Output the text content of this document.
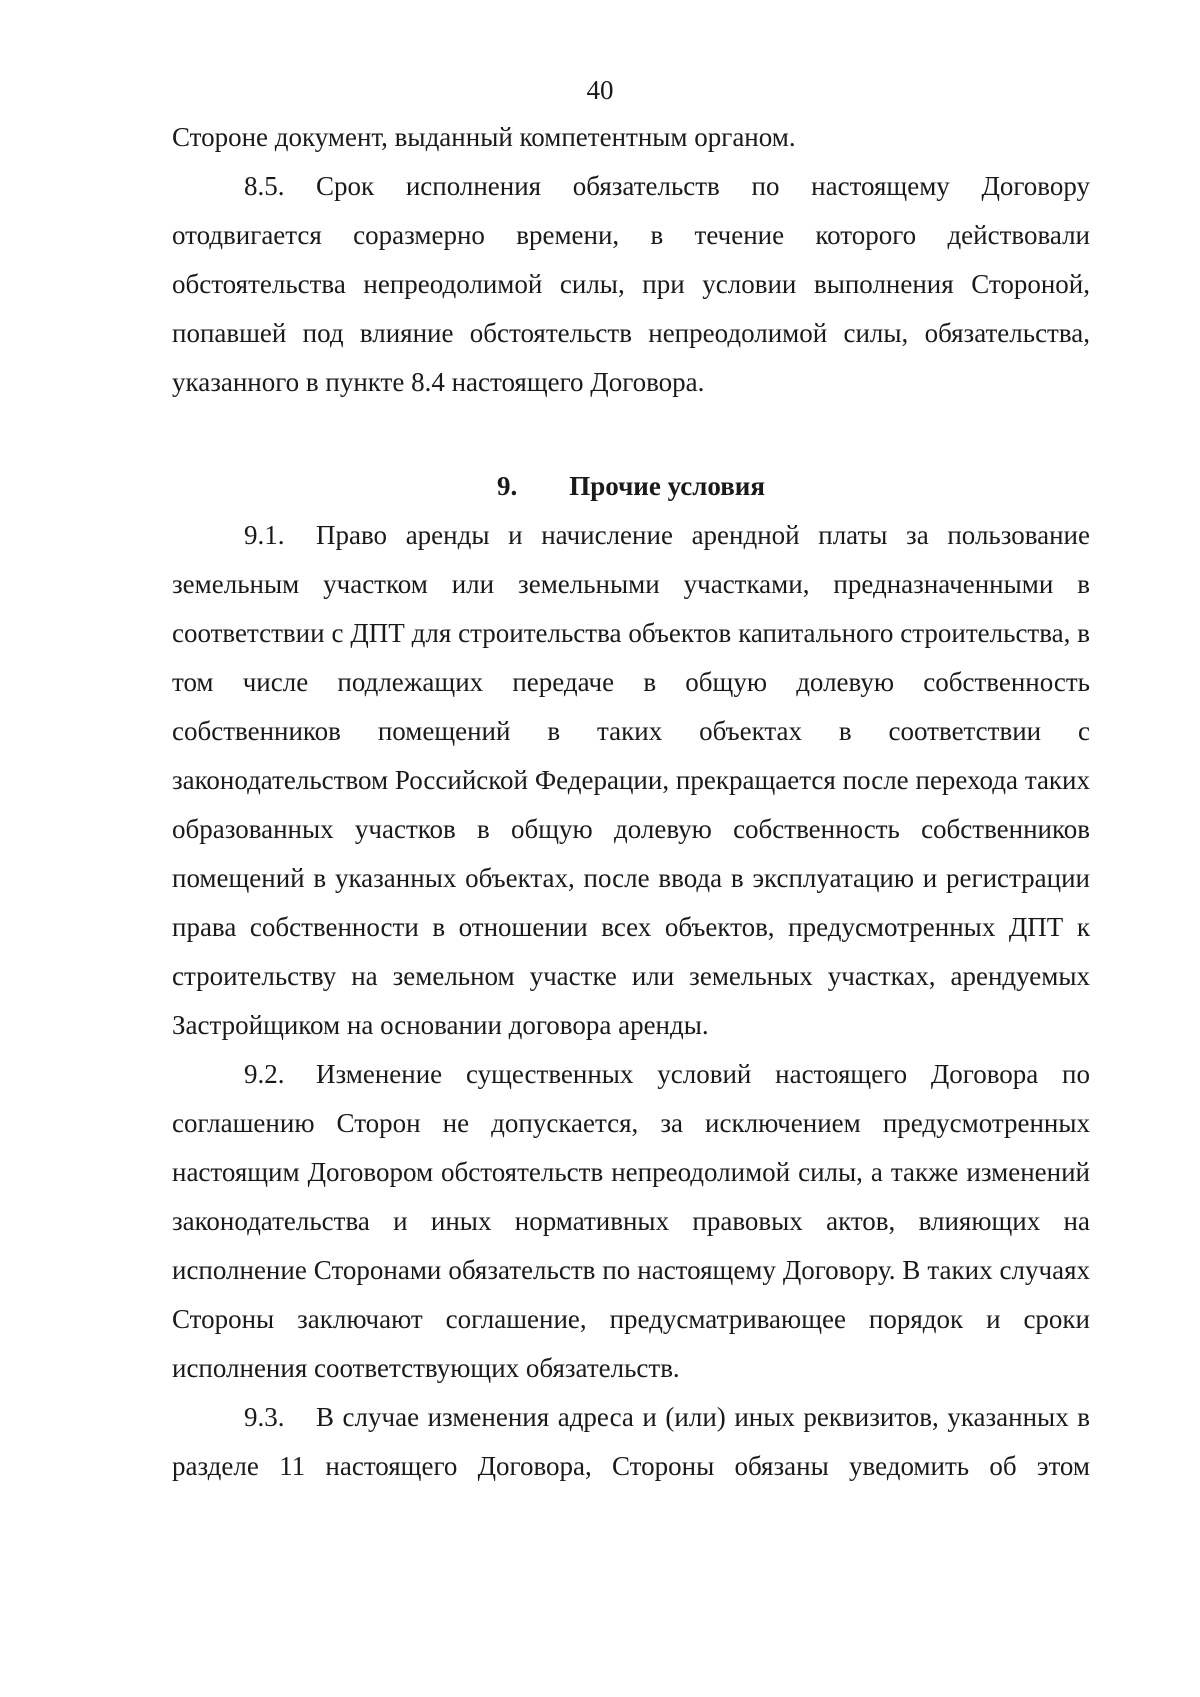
40

Стороне документ, выданный компетентным органом.

8.5. Срок исполнения обязательств по настоящему Договору отодвигается соразмерно времени, в течение которого действовали обстоятельства непреодолимой силы, при условии выполнения Стороной, попавшей под влияние обстоятельств непреодолимой силы, обязательства, указанного в пункте 8.4 настоящего Договора.

9. Прочие условия

9.1. Право аренды и начисление арендной платы за пользование земельным участком или земельными участками, предназначенными в соответствии с ДПТ для строительства объектов капитального строительства, в том числе подлежащих передаче в общую долевую собственность собственников помещений в таких объектах в соответствии с законодательством Российской Федерации, прекращается после перехода таких образованных участков в общую долевую собственность собственников помещений в указанных объектах, после ввода в эксплуатацию и регистрации права собственности в отношении всех объектов, предусмотренных ДПТ к строительству на земельном участке или земельных участках, арендуемых Застройщиком на основании договора аренды.

9.2. Изменение существенных условий настоящего Договора по соглашению Сторон не допускается, за исключением предусмотренных настоящим Договором обстоятельств непреодолимой силы, а также изменений законодательства и иных нормативных правовых актов, влияющих на исполнение Сторонами обязательств по настоящему Договору. В таких случаях Стороны заключают соглашение, предусматривающее порядок и сроки исполнения соответствующих обязательств.

9.3. В случае изменения адреса и (или) иных реквизитов, указанных в разделе 11 настоящего Договора, Стороны обязаны уведомить об этом
